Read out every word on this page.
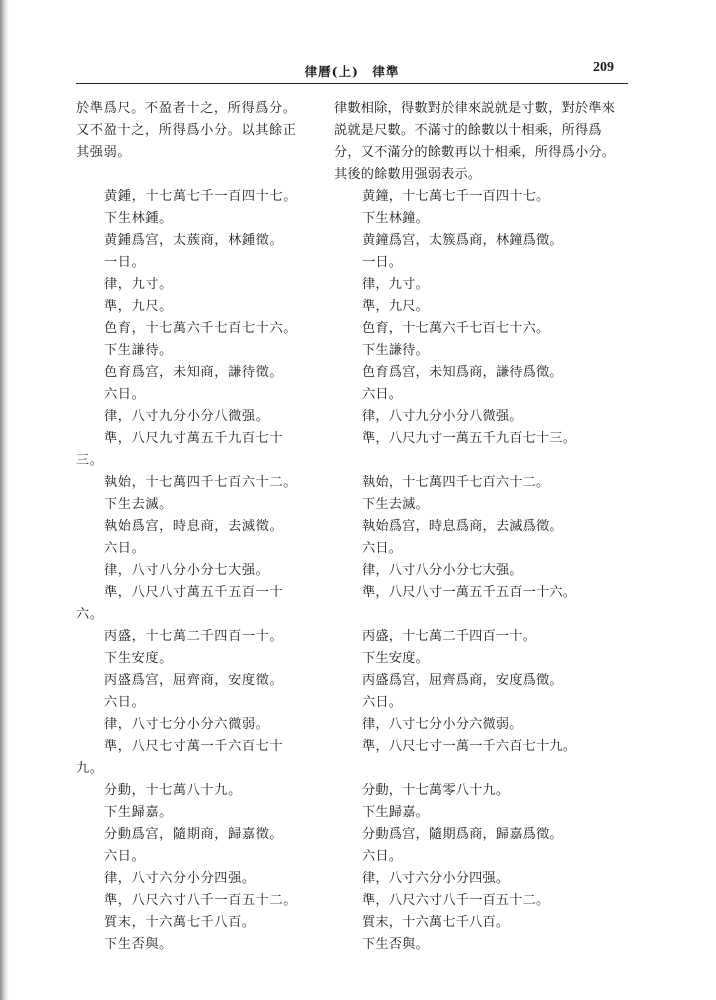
律曆(上)　律準	209
於準爲尺。不盈者十之，所得爲分。
又不盈十之，所得爲小分。以其餘正
其强弱。
黄鍾，十七萬七千一百四十七。
下生林鍾。
黄鍾爲宫，太蔟商，林鍾徵。
一日。
律，九寸。
準，九尺。
色育，十七萬六千七百七十六。
下生謙待。
色育爲宫，未知商，謙待徵。
六日。
律，八寸九分小分八微强。
準，八尺九寸萬五千九百七十
三。
執始，十七萬四千七百六十二。
下生去滅。
執始爲宫，時息商，去滅徵。
六日。
律，八寸八分小分七大强。
準，八尺八寸萬五千五百一十
六。
丙盛，十七萬二千四百一十。
下生安度。
丙盛爲宫，屈齊商，安度徵。
六日。
律，八寸七分小分六微弱。
準，八尺七寸萬一千六百七十
九。
分動，十七萬八十九。
下生歸嘉。
分動爲宫，隨期商，歸嘉徵。
六日。
律，八寸六分小分四强。
準，八尺六寸八千一百五十二。
質末，十六萬七千八百。
下生否與。
律數相除，得數對於律來説就是寸數，對於準來
説就是尺數。不滿寸的餘數以十相乘，所得爲
分，又不滿分的餘數再以十相乘，所得爲小分。
其後的餘數用强弱表示。
黄鐘，十七萬七千一百四十七。
下生林鐘。
黄鐘爲宫，太簇爲商，林鐘爲徵。
一日。
律，九寸。
準，九尺。
色育，十七萬六千七百七十六。
下生謙待。
色育爲宫，未知爲商，謙待爲徵。
六日。
律，八寸九分小分八微强。
準，八尺九寸一萬五千九百七十三。
執始，十七萬四千七百六十二。
下生去滅。
執始爲宫，時息爲商，去滅爲徵。
六日。
律，八寸八分小分七大强。
準，八尺八寸一萬五千五百一十六。
丙盛，十七萬二千四百一十。
下生安度。
丙盛爲宫，屈齊爲商，安度爲徵。
六日。
律，八寸七分小分六微弱。
準，八尺七寸一萬一千六百七十九。
分動，十七萬零八十九。
下生歸嘉。
分動爲宫，隨期爲商，歸嘉爲徵。
六日。
律，八寸六分小分四强。
準，八尺六寸八千一百五十二。
質末，十六萬七千八百。
下生否與。
